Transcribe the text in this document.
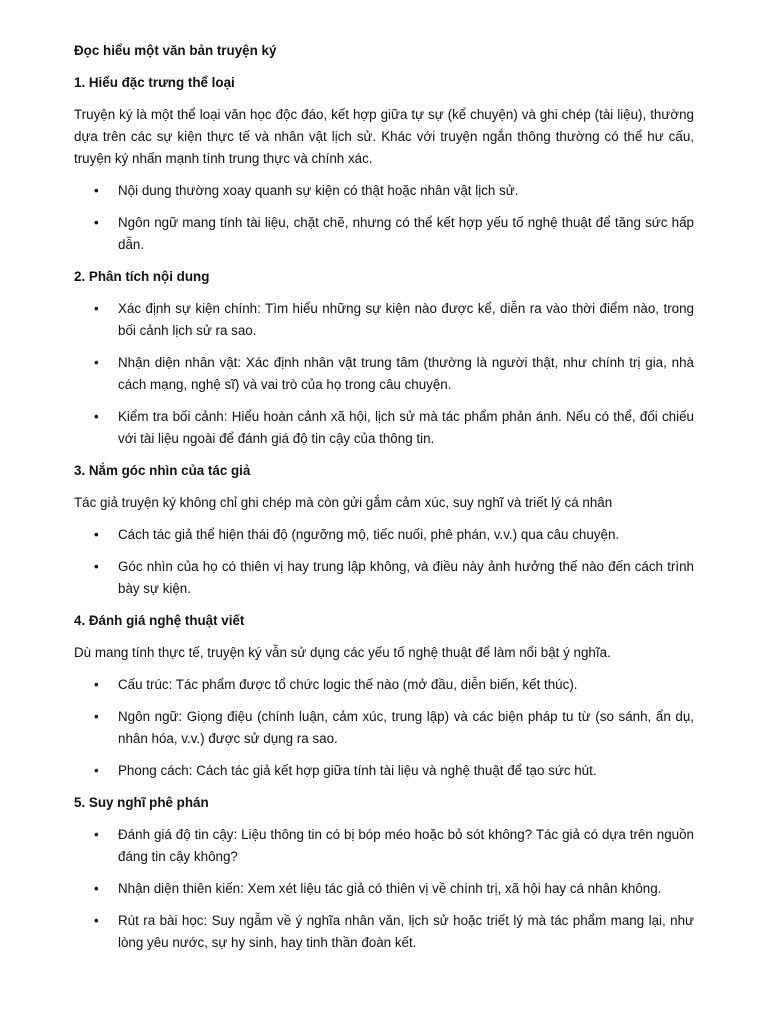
Đọc hiểu một văn bản truyện ký
1. Hiểu đặc trưng thể loại

Truyện ký là một thể loại văn học độc đáo, kết hợp giữa tự sự (kể chuyện) và ghi chép (tài liệu), thường dựa trên các sự kiện thực tế và nhân vật lịch sử. Khác với truyện ngắn thông thường có thể hư cấu, truyện ký nhấn mạnh tính trung thực và chính xác.

• Nội dung thường xoay quanh sự kiện có thật hoặc nhân vật lịch sử.
• Ngôn ngữ mang tính tài liệu, chặt chẽ, nhưng có thể kết hợp yếu tố nghệ thuật để tăng sức hấp dẫn.
2. Phân tích nội dung
• Xác định sự kiện chính: Tìm hiểu những sự kiện nào được kể, diễn ra vào thời điểm nào, trong bối cảnh lịch sử ra sao.
• Nhận diện nhân vật: Xác định nhân vật trung tâm (thường là người thật, như chính trị gia, nhà cách mạng, nghệ sĩ) và vai trò của họ trong câu chuyện.
• Kiểm tra bối cảnh: Hiểu hoàn cảnh xã hội, lịch sử mà tác phẩm phản ánh. Nếu có thể, đối chiếu với tài liệu ngoài để đánh giá độ tin cậy của thông tin.
3. Nắm góc nhìn của tác giả

Tác giả truyện ký không chỉ ghi chép mà còn gửi gắm cảm xúc, suy nghĩ và triết lý cá nhân

• Cách tác giả thể hiện thái độ (ngưỡng mộ, tiếc nuối, phê phán, v.v.) qua câu chuyện.
• Góc nhìn của họ có thiên vị hay trung lập không, và điều này ảnh hưởng thế nào đến cách trình bày sự kiện.
4. Đánh giá nghệ thuật viết

Dù mang tính thực tế, truyện ký vẫn sử dụng các yếu tố nghệ thuật để làm nổi bật ý nghĩa.

• Cấu trúc: Tác phẩm được tổ chức logic thế nào (mở đầu, diễn biến, kết thúc).
• Ngôn ngữ: Giọng điệu (chính luận, cảm xúc, trung lập) và các biện pháp tu từ (so sánh, ẩn dụ, nhân hóa, v.v.) được sử dụng ra sao.
• Phong cách: Cách tác giả kết hợp giữa tính tài liệu và nghệ thuật để tạo sức hút.
5. Suy nghĩ phê phán
• Đánh giá độ tin cậy: Liệu thông tin có bị bóp méo hoặc bỏ sót không? Tác giả có dựa trên nguồn đáng tin cậy không?
• Nhận diện thiên kiến: Xem xét liệu tác giả có thiên vị về chính trị, xã hội hay cá nhân không.
• Rút ra bài học: Suy ngẫm về ý nghĩa nhân văn, lịch sử hoặc triết lý mà tác phẩm mang lại, như lòng yêu nước, sự hy sinh, hay tinh thần đoàn kết.
